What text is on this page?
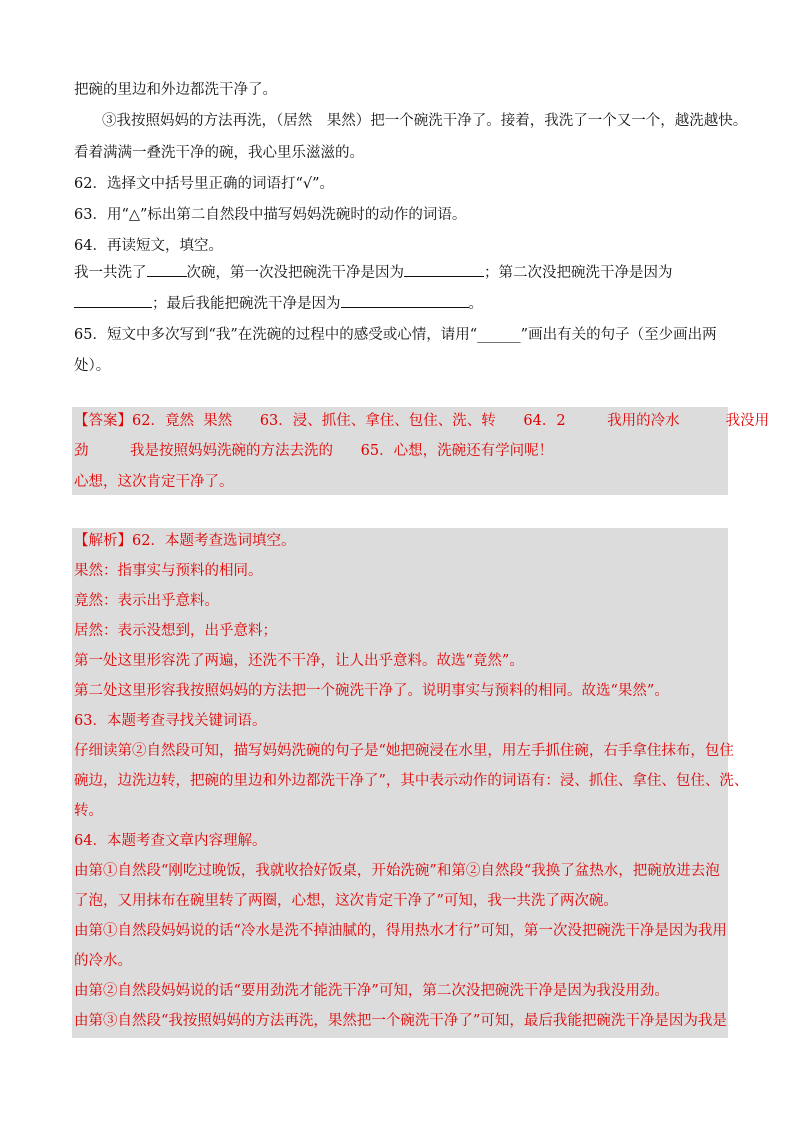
把碗的里边和外边都洗干净了。
③我按照妈妈的方法再洗，（居然　果然）把一个碗洗干净了。接着，我洗了一个又一个，越洗越快。
看着满满一叠洗干净的碗，我心里乐滋滋的。
62．选择文中括号里正确的词语打“√”。
63．用“△”标出第二自然段中描写妈妈洗碗时的动作的词语。
64．再读短文，填空。
我一共洗了	次碗，第一次没把碗洗干净是因为	；第二次没把碗洗干净是因为
；最后我能把碗洗干净是因为	。
65．短文中多次写到“我”在洗碗的过程中的感受或心情，请用“______”画出有关的句子（至少画出两
处）。
【答案】62．竟然  果然      63．浸、抓住、拿住、包住、洗、转      64．2         我用的冷水          我没用
劲         我是按照妈妈洗碗的方法去洗的      65．心想，洗碗还有学问呢！
心想，这次肯定干净了。
【解析】62．本题考查选词填空。
果然：指事实与预料的相同。
竟然：表示出乎意料。
居然：表示没想到，出乎意料；
第一处这里形容洗了两遍，还洗不干净，让人出乎意料。故选“竟然”。
第二处这里形容我按照妈妈的方法把一个碗洗干净了。说明事实与预料的相同。故选“果然”。
63．本题考查寻找关键词语。
仔细读第②自然段可知，描写妈妈洗碗的句子是“她把碗浸在水里，用左手抓住碗，右手拿住抹布，包住
碗边，边洗边转，把碗的里边和外边都洗干净了”，其中表示动作的词语有：浸、抓住、拿住、包住、洗、
转。
64．本题考查文章内容理解。
由第①自然段“刚吃过晚饭，我就收拾好饭桌，开始洗碗”和第②自然段“我换了盆热水，把碗放进去泡
了泡，又用抹布在碗里转了两圈，心想，这次肯定干净了”可知，我一共洗了两次碗。
由第①自然段妈妈说的话“冷水是洗不掉油腻的，得用热水才行”可知，第一次没把碗洗干净是因为我用
的冷水。
由第②自然段妈妈说的话“要用劲洗才能洗干净”可知，第二次没把碗洗干净是因为我没用劲。
由第③自然段“我按照妈妈的方法再洗，果然把一个碗洗干净了”可知，最后我能把碗洗干净是因为我是
